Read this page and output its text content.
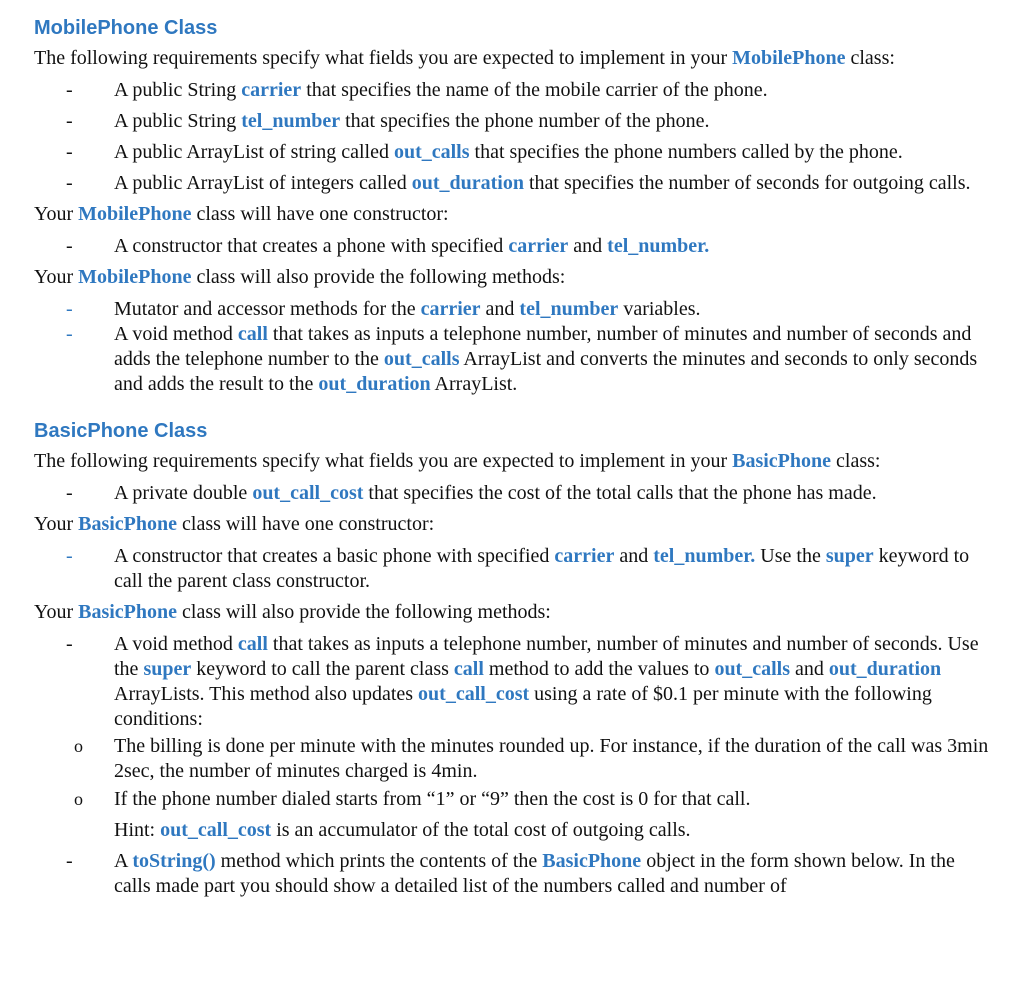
MobilePhone Class
The following requirements specify what fields you are expected to implement in your MobilePhone class:
- A public String carrier that specifies the name of the mobile carrier of the phone.
- A public String tel_number that specifies the phone number of the phone.
- A public ArrayList of string called out_calls that specifies the phone numbers called by the phone.
- A public ArrayList of integers called out_duration that specifies the number of seconds for outgoing calls.
Your MobilePhone class will have one constructor:
- A constructor that creates a phone with specified carrier and tel_number.
Your MobilePhone class will also provide the following methods:
- Mutator and accessor methods for the carrier and tel_number variables.
- A void method call that takes as inputs a telephone number, number of minutes and number of seconds and adds the telephone number to the out_calls ArrayList and converts the minutes and seconds to only seconds and adds the result to the out_duration ArrayList.
BasicPhone Class
The following requirements specify what fields you are expected to implement in your BasicPhone class:
- A private double out_call_cost that specifies the cost of the total calls that the phone has made.
Your BasicPhone class will have one constructor:
- A constructor that creates a basic phone with specified carrier and tel_number. Use the super keyword to call the parent class constructor.
Your BasicPhone class will also provide the following methods:
- A void method call that takes as inputs a telephone number, number of minutes and number of seconds. Use the super keyword to call the parent class call method to add the values to out_calls and out_duration ArrayLists. This method also updates out_call_cost using a rate of $0.1 per minute with the following conditions:
o The billing is done per minute with the minutes rounded up. For instance, if the duration of the call was 3min 2sec, the number of minutes charged is 4min.
o If the phone number dialed starts from “1” or “9” then the cost is 0 for that call.
Hint: out_call_cost is an accumulator of the total cost of outgoing calls.
- A toString() method which prints the contents of the BasicPhone object in the form shown below. In the calls made part you should show a detailed list of the numbers called and number of
